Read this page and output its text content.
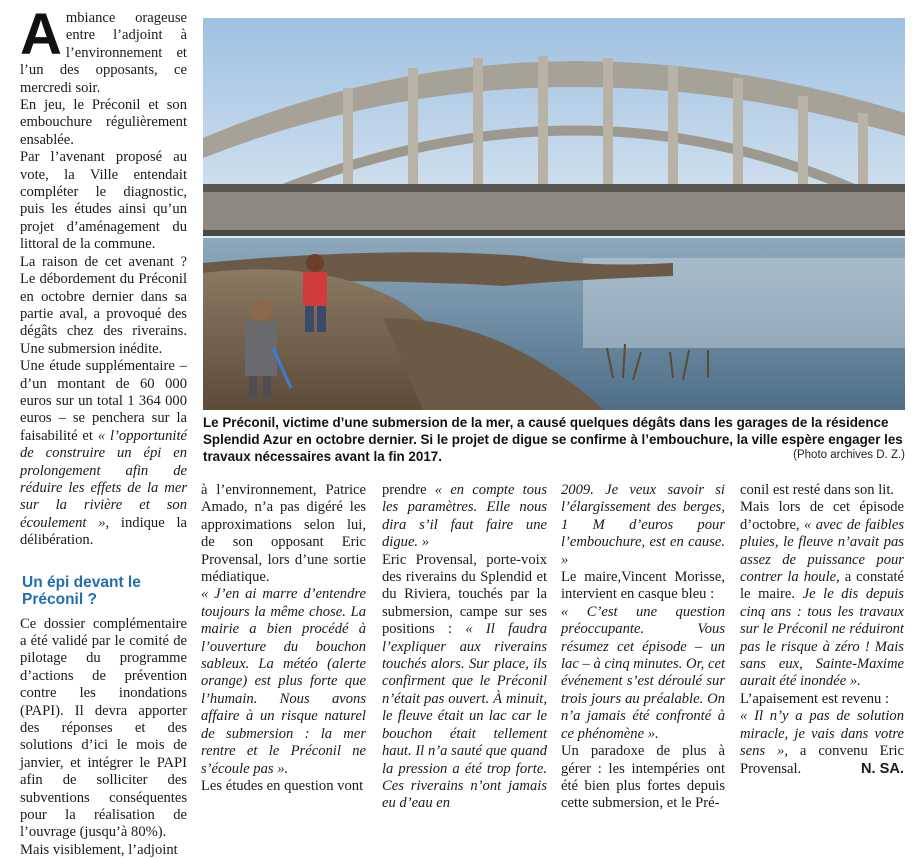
Ambiance orageuse entre l’adjoint à l’environnement et l’un des opposants, ce mercredi soir.

En jeu, le Préconil et son embouchure régulièrement ensablée.

Par l’avenant proposé au vote, la Ville entendait compléter le diagnostic, puis les études ainsi qu’un projet d’aménagement du littoral de la commune.

La raison de cet avenant ? Le débordement du Préconil en octobre dernier dans sa partie aval, a provoqué des dégâts chez des riverains. Une submersion inédite.

Une étude supplémentaire – d’un montant de 60 000 euros sur un total 1 364 000 euros – se penchera sur la faisabilité et « l’opportunité de construire un épi en prolongement afin de réduire les effets de la mer sur la rivière et son écoulement », indique la délibération.

Un épi devant le Préconil ?

Ce dossier complémentaire a été validé par le comité de pilotage du programme d’actions de prévention contre les inondations (PAPI). Il devra apporter des réponses et des solutions d’ici le mois de janvier, et intégrer le PAPI afin de solliciter des subventions conséquentes pour la réalisation de l’ouvrage (jusqu’à 80%).

Mais visiblement, l’adjoint

Le Préconil, victime d’une submersion de la mer, a causé quelques dégâts dans les garages de la résidence Splendid Azur en octobre dernier. Si le projet de digue se confirme à l’embouchure, la ville espère engager les travaux nécessaires avant la fin 2017.	(Photo archives D. Z.)

à l’environnement, Patrice Amado, n’a pas digéré les approximations selon lui, de son opposant Eric Provensal, lors d’une sortie médiatique.

« J’en ai marre d’entendre toujours la même chose. La mairie a bien procédé à l’ouverture du bouchon sableux. La météo (alerte orange) est plus forte que l’humain. Nous avons affaire à un risque naturel de submersion : la mer rentre et le Préconil ne s’écoule pas ».

Les études en question vont

prendre « en compte tous les paramètres. Elle nous dira s’il faut faire une digue. »

Eric Provensal, porte-voix des riverains du Splendid et du Riviera, touchés par la submersion, campe sur ses positions : « Il faudra l’expliquer aux riverains touchés alors. Sur place, ils confirment que le Préconil n’était pas ouvert. À minuit, le fleuve était un lac car le bouchon était tellement haut. Il n’a sauté que quand la pression a été trop forte. Ces riverains n’ont jamais eu d’eau en

2009. Je veux savoir si l’élargissement des berges, 1 M d’euros pour l’embouchure, est en cause. »

Le maire,Vincent Morisse, intervient en casque bleu :

« C’est une question préoccupante. Vous résumez cet épisode – un lac – à cinq minutes. Or, cet événement s’est déroulé sur trois jours au préalable. On n’a jamais été confronté à ce phénomène ».

Un paradoxe de plus à gérer : les intempéries ont été bien plus fortes depuis cette submersion, et le Pré-

conil est resté dans son lit.

Mais lors de cet épisode d’octobre, « avec de faibles pluies, le fleuve n’avait pas assez de puissance pour contrer la houle, a constaté le maire. Je le dis depuis cinq ans : tous les travaux sur le Préconil ne réduiront pas le risque à zéro ! Mais sans eux, Sainte-Maxime aurait été inondée ».

L’apaisement est revenu :

« Il n’y a pas de solution miracle, je vais dans votre sens », a convenu Eric Provensal.	N. SA.
